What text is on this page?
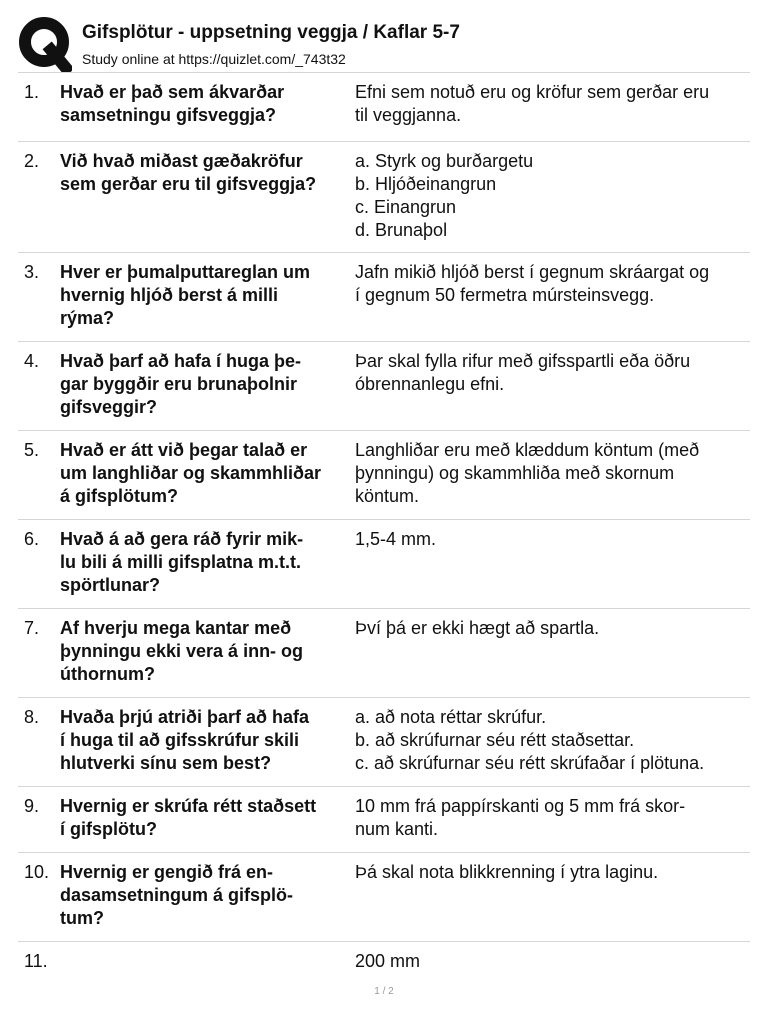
Gifsplötur - uppsetning veggja / Kaflar 5-7
Study online at https://quizlet.com/_743t32
1. Hvað er það sem ákvarðar
samsetningu gifsveggja?
Efni sem notuð eru og kröfur sem gerðar eru
til veggjanna.
2. Við hvað miðast gæðakröfur
sem gerðar eru til gifsveggja?
a. Styrk og burðargetu
b. Hljóðeinangrun
c. Einangrun
d. Brunaþol
3. Hver er þumalputtareglan um
hvernig hljóð berst á milli
rýma?
Jafn mikið hljóð berst í gegnum skráargat og
í gegnum 50 fermetra múrsteinsvegg.
4. Hvað þarf að hafa í huga þe-
gar byggðir eru brunaþolnir
gifsveggir?
Þar skal fylla rifur með gifsspartli eða öðru
óbrennanlegu efni.
5. Hvað er átt við þegar talað er
um langhliðar og skammhliðar
á gifsplötum?
Langhliðar eru með klæddum köntum (með
þynningu) og skammhliða með skornum
köntum.
6. Hvað á að gera ráð fyrir mik-
lu bili á milli gifsplatna m.t.t.
spörtlunar?
1,5-4 mm.
7. Af hverju mega kantar með
þynningu ekki vera á inn- og
úthornum?
Því þá er ekki hægt að spartla.
8. Hvaða þrjú atriði þarf að hafa
í huga til að gifsskrúfur skili
hlutverki sínu sem best?
a. að nota réttar skrúfur.
b. að skrúfurnar séu rétt staðsettar.
c. að skrúfurnar séu rétt skrúfaðar í plötuna.
9. Hvernig er skrúfa rétt staðsett
í gifsplötu?
10 mm frá pappírskanti og 5 mm frá skor-
num kanti.
10. Hvernig er gengið frá en-
dasamsetningum á gifsplö-
tum?
Þá skal nota blikkrenning í ytra laginu.
11.	200 mm
1 / 2
